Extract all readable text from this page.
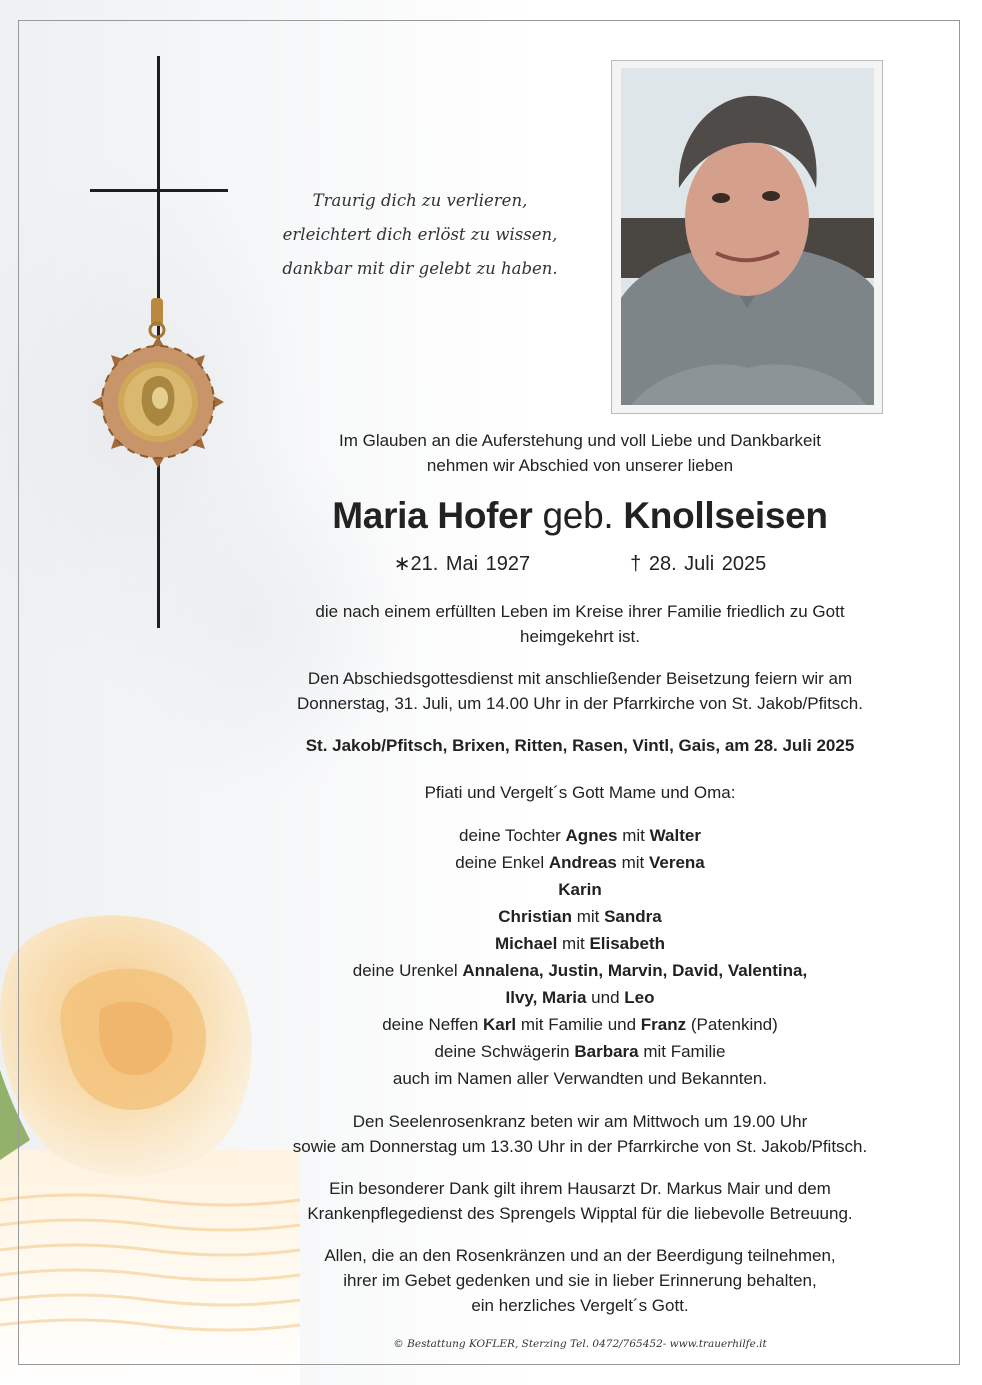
Traurig dich zu verlieren,
erleichtert dich erlöst zu wissen,
dankbar mit dir gelebt zu haben.

Im Glauben an die Auferstehung und voll Liebe und Dankbarkeit

nehmen wir Abschied von unserer lieben

Maria Hofer geb. Knollseisen

∗21. Mai 1927	† 28. Juli 2025

die nach einem erfüllten Leben im Kreise ihrer Familie friedlich zu Gott

heimgekehrt ist.

Den Abschiedsgottesdienst mit anschließender Beisetzung feiern wir am

Donnerstag, 31. Juli, um 14.00 Uhr in der Pfarrkirche von St. Jakob/Pfitsch.

St. Jakob/Pfitsch, Brixen, Ritten, Rasen, Vintl, Gais, am 28. Juli 2025

Pfiati und Vergelt´s Gott Mame und Oma:

deine Tochter Agnes mit Walter

deine Enkel Andreas mit Verena

Karin

Christian mit Sandra

Michael mit Elisabeth

deine Urenkel Annalena, Justin, Marvin, David, Valentina,

Ilvy, Maria und Leo

deine Neffen Karl mit Familie und Franz (Patenkind)

deine Schwägerin Barbara mit Familie

auch im Namen aller Verwandten und Bekannten.

Den Seelenrosenkranz beten wir am Mittwoch um 19.00 Uhr

sowie am Donnerstag um 13.30 Uhr in der Pfarrkirche von St. Jakob/Pfitsch.

Ein besonderer Dank gilt ihrem Hausarzt Dr. Markus Mair und dem

Krankenpflegedienst des Sprengels Wipptal für die liebevolle Betreuung.

Allen, die an den Rosenkränzen und an der Beerdigung teilnehmen,

ihrer im Gebet gedenken und sie in lieber Erinnerung behalten,

ein herzliches Vergelt´s Gott.

© Bestattung KOFLER, Sterzing Tel. 0472/765452- www.trauerhilfe.it
